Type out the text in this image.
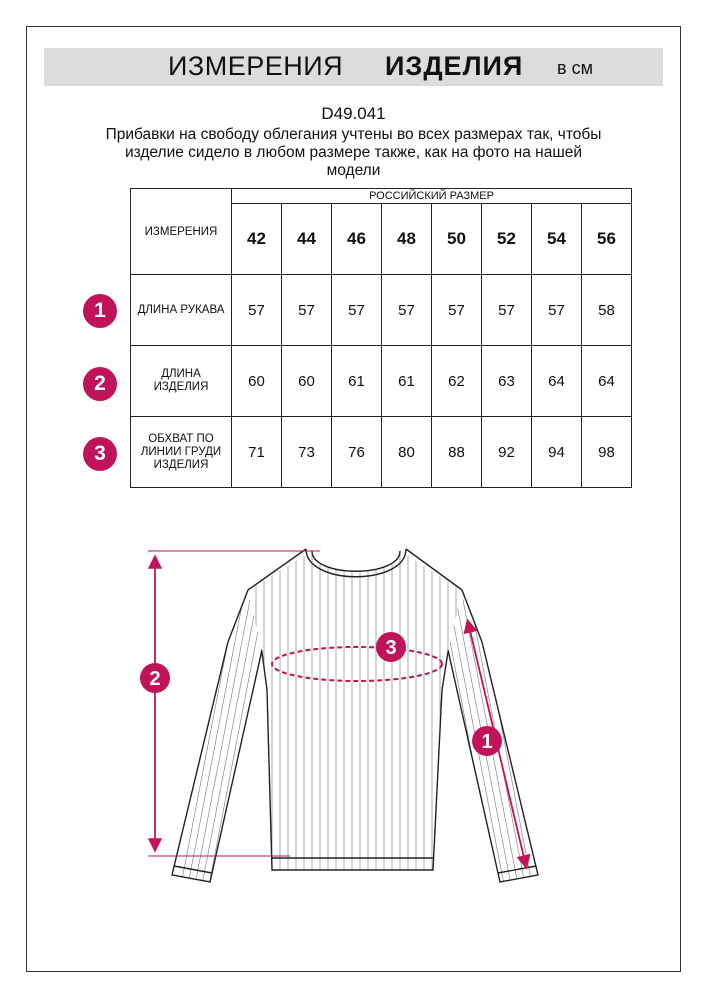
ИЗМЕРЕНИЯ ИЗДЕЛИЯ в см
D49.041
Прибавки на свободу облегания учтены во всех размерах так, чтобы изделие сидело в любом размере также, как на фото на нашей модели
ИЗМЕРЕНИЯ	РОССИЙСКИЙ РАЗМЕР							
	42	44	46	48	50	52	54	56
ДЛИНА РУКАВА	57	57	57	57	57	57	57	58
ДЛИНА
ИЗДЕЛИЯ	60	60	61	61	62	63	64	64
ОБХВАТ ПО
ЛИНИИ ГРУДИ
ИЗДЕЛИЯ	71	73	76	80	88	92	94	98
1
2
3
2
3
1
